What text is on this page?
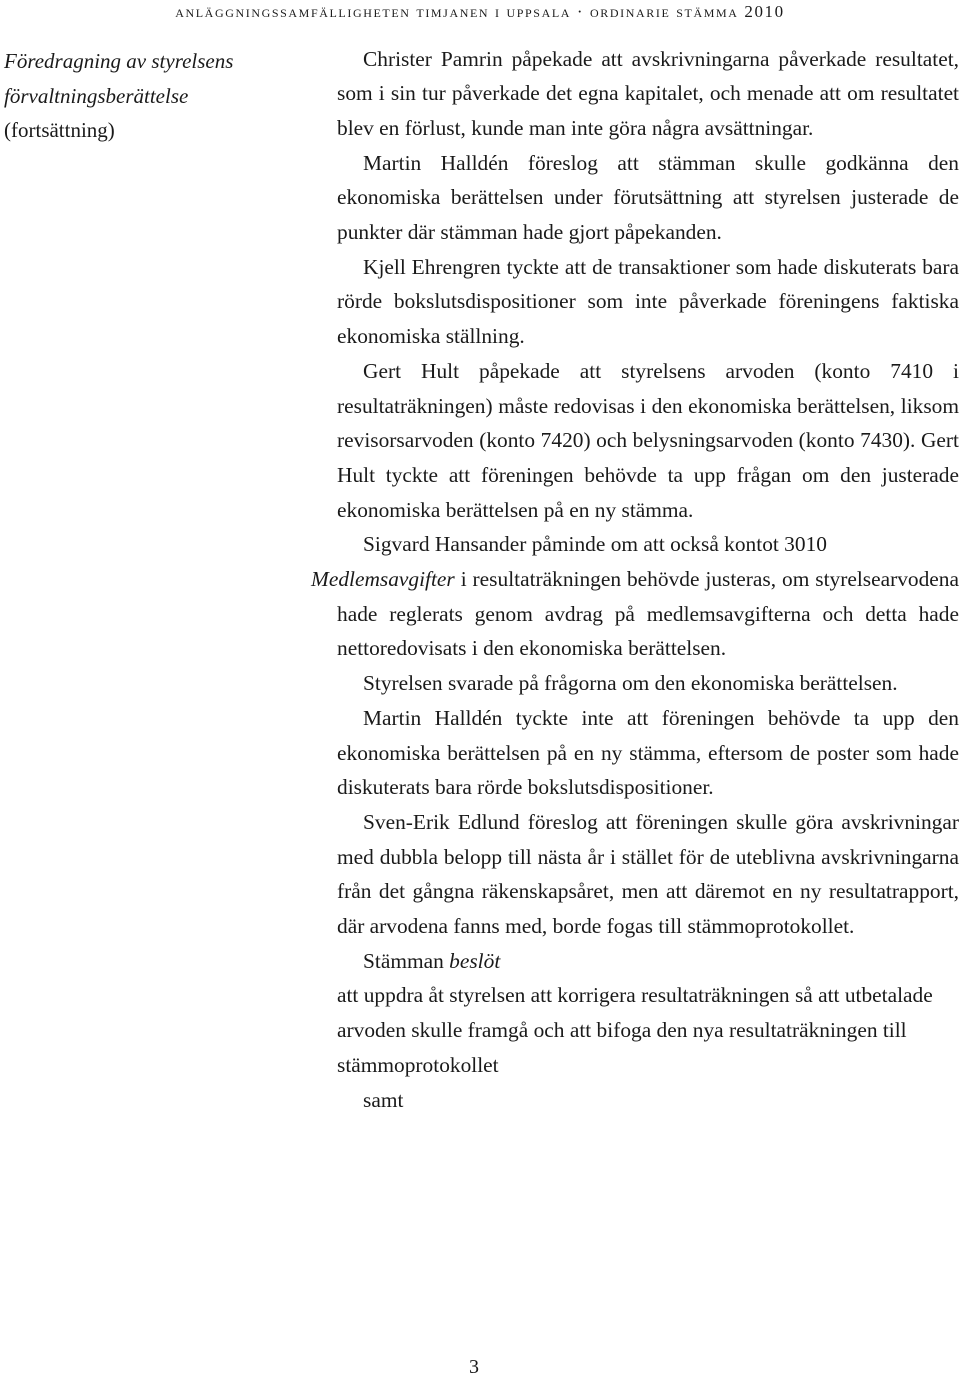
anläggningssamfälligheten timjanen i uppsala · ordinarie stämma 2010
Föredragning av styrelsens
förvaltningsberättelse
(fortsättning)

Christer Pamrin påpekade att avskrivningarna påverkade resultatet, som i sin tur påverkade det egna kapitalet, och menade att om resultatet blev en förlust, kunde man inte göra några avsättningar.

Martin Halldén föreslog att stämman skulle godkänna den ekonomiska berättelsen under förutsättning att styrelsen justerade de punkter där stämman hade gjort påpekanden.

Kjell Ehrengren tyckte att de transaktioner som hade diskuterats bara rörde bokslutsdispositioner som inte påverkade föreningens faktiska ekonomiska ställning.

Gert Hult påpekade att styrelsens arvoden (konto 7410 i resultaträkningen) måste redovisas i den ekonomiska berättelsen, liksom revisorsarvoden (konto 7420) och belysningsarvoden (konto 7430). Gert Hult tyckte att föreningen behövde ta upp frågan om den justerade ekonomiska berättelsen på en ny stämma.

Sigvard Hansander påminde om att också kontot 3010
Medlemsavgifter i resultaträkningen behövde justeras, om styrelsearvodena hade reglerats genom avdrag på medlemsavgifterna och detta hade nettoredovisats i den ekonomiska berättelsen.

Styrelsen svarade på frågorna om den ekonomiska berättelsen.

Martin Halldén tyckte inte att föreningen behövde ta upp den ekonomiska berättelsen på en ny stämma, eftersom de poster som hade diskuterats bara rörde bokslutsdispositioner.

Sven-Erik Edlund föreslog att föreningen skulle göra avskrivningar med dubbla belopp till nästa år i stället för de uteblivna avskrivningarna från det gångna räkenskapsåret, men att däremot en ny resultatrapport, där arvodena fanns med, borde fogas till stämmoprotokollet.

Stämman beslöt

att uppdra åt styrelsen att korrigera resultaträkningen så att utbetalade arvoden skulle framgå och att bifoga den nya resultaträkningen till stämmoprotokollet

samt

3
